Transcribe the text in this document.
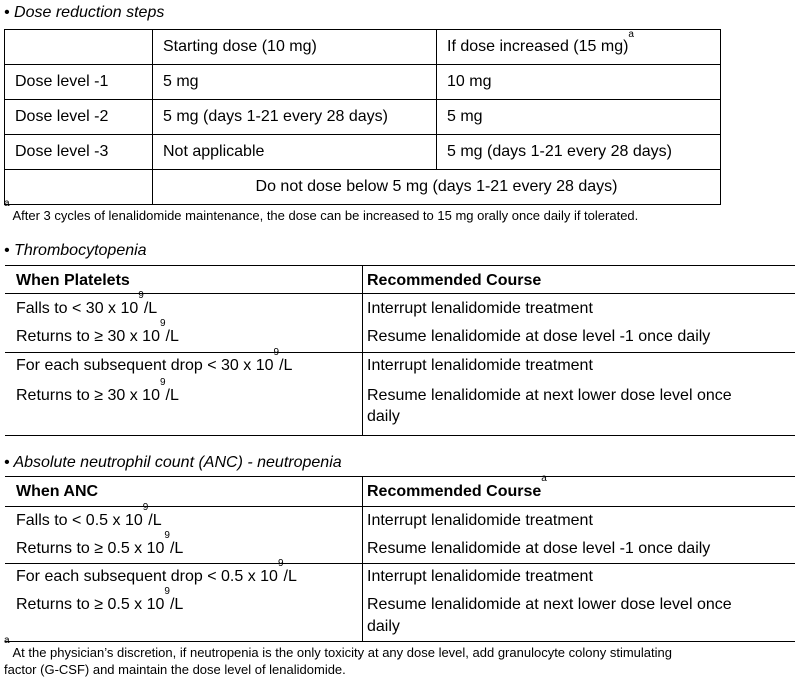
• Dose reduction steps
	Starting dose (10 mg)	If dose increased (15 mg)$^a$
Dose level -1	5 mg	10 mg
Dose level -2	5 mg (days 1-21 every 28 days)	5 mg
Dose level -3	Not applicable	5 mg (days 1-21 every 28 days)
	Do not dose below 5 mg (days 1-21 every 28 days)	
$^a$ After 3 cycles of lenalidomide maintenance, the dose can be increased to 15 mg orally once daily if tolerated.
• Thrombocytopenia
When Platelets	Recommended Course
Falls to < 30 x $10^9/L$	Interrupt lenalidomide treatment
Returns to ≥ 30 x $10^9/L$	Resume lenalidomide at dose level -1 once daily
For each subsequent drop < 30 x $10^9/L$	Interrupt lenalidomide treatment
Returns to ≥ 30 x $10^9/L$	Resume lenalidomide at next lower dose level once
daily
• Absolute neutrophil count (ANC) - neutropenia
When ANC	Recommended Course$^a$
Falls to < 0.5 x $10^9/L$	Interrupt lenalidomide treatment
Returns to ≥ 0.5 x $10^9/L$	Resume lenalidomide at dose level -1 once daily
For each subsequent drop < 0.5 x $10^9/L$	Interrupt lenalidomide treatment
Returns to ≥ 0.5 x $10^9/L$	Resume lenalidomide at next lower dose level once
daily
$^a$ At the physician’s discretion, if neutropenia is the only toxicity at any dose level, add granulocyte colony stimulating
factor (G-CSF) and maintain the dose level of lenalidomide.
